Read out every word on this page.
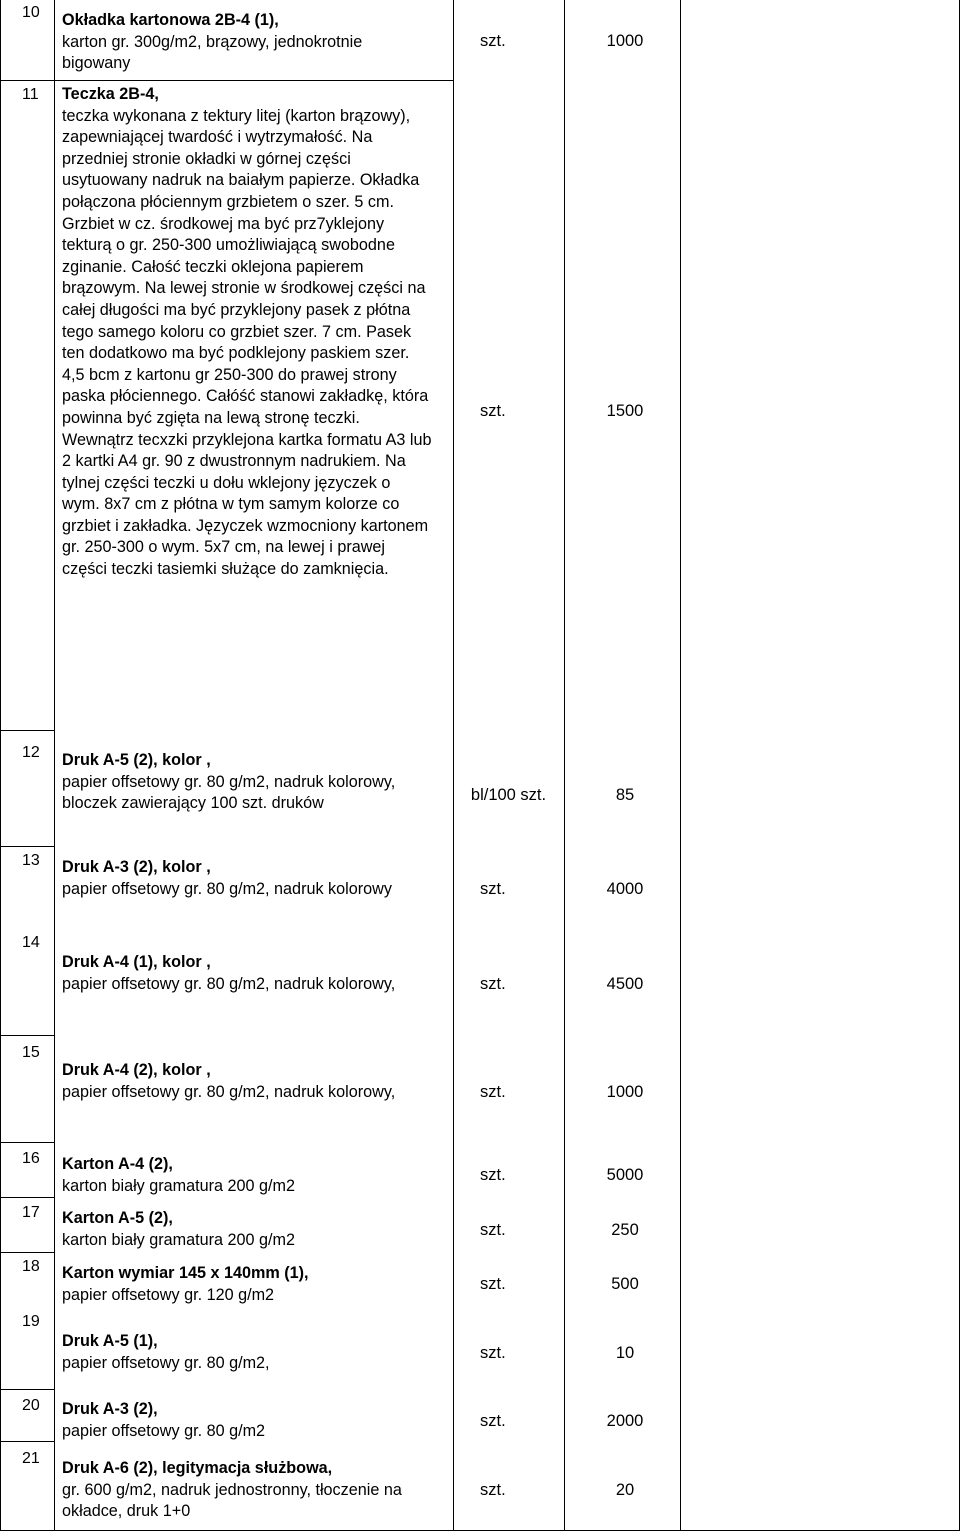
10 Okładka kartonowa 2B-4 (1),
karton gr. 300g/m2, brązowy, jednokrotnie bigowany
szt.	1000
11 Teczka 2B-4,
teczka wykonana z tektury litej (karton brązowy), zapewniającej twardość i wytrzymałość. Na przedniej stronie okładki w górnej części usytuowany nadruk na baiałym papierze. Okładka połączona płóciennym grzbietem o szer. 5 cm. Grzbiet w cz. środkowej ma być prz7yklejony tekturą o gr. 250-300 umożliwiającą swobodne zginanie. Całość teczki oklejona papierem brązowym. Na lewej stronie w środkowej części na całej długości ma być przyklejony pasek z płótna tego samego koloru co grzbiet szer. 7 cm. Pasek ten dodatkowo ma być podklejony paskiem szer. 4,5 bcm z kartonu gr 250-300 do prawej strony paska płóciennego. Całóść stanowi zakładkę, która powinna być zgięta na lewą stronę teczki. Wewnątrz tecxzki przyklejona kartka formatu A3 lub 2 kartki A4 gr. 90 z dwustronnym nadrukiem. Na tylnej części teczki u dołu wklejony języczek o wym. 8x7 cm z płótna w tym samym kolorze co grzbiet i zakładka. Języczek wzmocniony kartonem gr. 250-300 o wym. 5x7 cm, na lewej i prawej części teczki tasiemki służące do zamknięcia.
szt.	1500
12 Druk A-5 (2), kolor ,
papier offsetowy gr. 80 g/m2, nadruk kolorowy, bloczek zawierający 100 szt. druków	bl/100 szt.	85
13 Druk A-3 (2), kolor ,
papier offsetowy gr. 80 g/m2, nadruk kolorowy	szt.	4000
14
Druk A-4 (1), kolor ,
papier offsetowy gr. 80 g/m2, nadruk kolorowy,	szt.	4500
15
Druk A-4 (2), kolor ,
papier offsetowy gr. 80 g/m2, nadruk kolorowy,	szt.	1000
16 Karton A-4 (2),
karton biały gramatura 200 g/m2
szt.	5000
17 Karton A-5 (2),
karton biały gramatura 200 g/m2
szt.	250
18 Karton wymiar 145 x 140mm (1),
papier offsetowy gr. 120 g/m2
szt.	500
19
Druk A-5 (1),
papier offsetowy gr. 80 g/m2,
szt.	10
20 Druk A-3 (2),
papier offsetowy gr. 80 g/m2
szt.	2000
21
Druk A-6 (2), legitymacja służbowa,
gr. 600 g/m2, nadruk jednostronny, tłoczenie na okładce, druk 1+0
szt.	20
